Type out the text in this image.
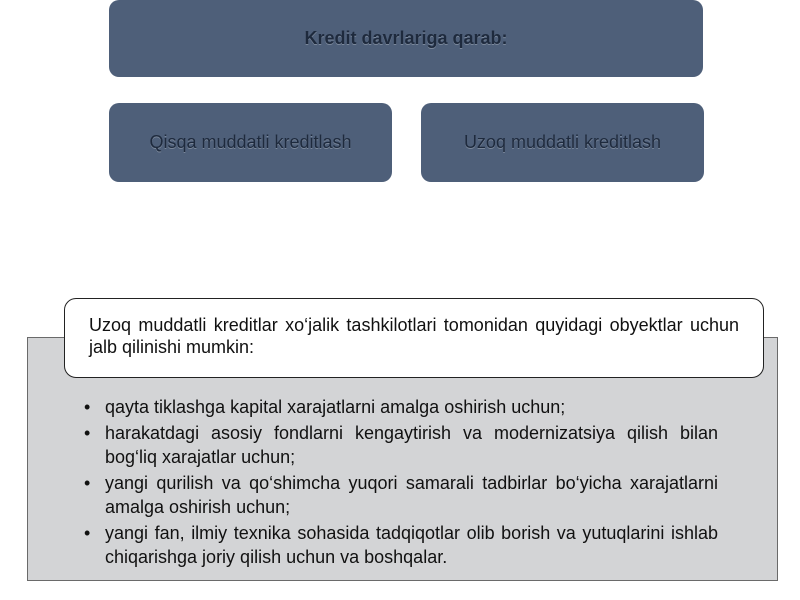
Kredit davrlariga qarab:
Qisqa muddatli kreditlash	Uzoq muddatli kreditlash
Uzoq muddatli kreditlar xo‘jalik tashkilotlari tomonidan quyidagi obyektlar uchun jalb qilinishi mumkin:
• qayta tiklashga kapital xarajatlarni amalga oshirish uchun;
• harakatdagi asosiy fondlarni kengaytirish va modernizatsiya qilish bilan bog‘liq xarajatlar uchun;
• yangi qurilish va qo‘shimcha yuqori samarali tadbirlar bo‘yicha xarajatlarni amalga oshirish uchun;
• yangi fan, ilmiy texnika sohasida tadqiqotlar olib borish va yutuqlarini ishlab chiqarishga joriy qilish uchun va boshqalar.
